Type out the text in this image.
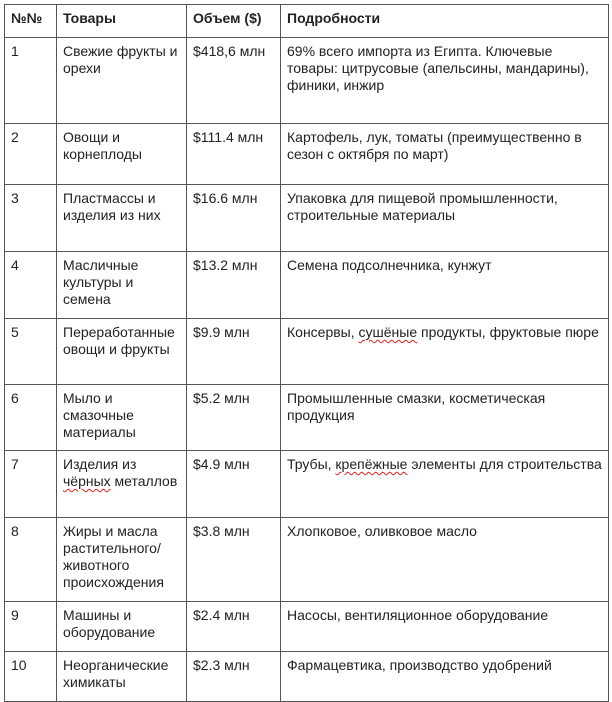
№№	Товары	Объем ($)	Подробности
1	Свежие фрукты и орехи	$418,6 млн	69% всего импорта из Египта. Ключевые товары: цитрусовые (апельсины, мандарины), финики, инжир
2	Овощи и корнеплоды	$111.4 млн	Картофель, лук, томаты (преимущественно в сезон с октября по март)
3	Пластмассы и изделия из них	$16.6 млн	Упаковка для пищевой промышленности, строительные материалы
4	Масличные культуры и семена	$13.2 млн	Семена подсолнечника, кунжут
5	Переработанные овощи и фрукты	$9.9 млн	Консервы, сушёные продукты, фруктовые пюре
6	Мыло и смазочные материалы	$5.2 млн	Промышленные смазки, косметическая продукция
7	Изделия из чёрных металлов	$4.9 млн	Трубы, крепёжные элементы для строительства
8	Жиры и масла растительного/ животного происхождения	$3.8 млн	Хлопковое, оливковое масло
9	Машины и оборудование	$2.4 млн	Насосы, вентиляционное оборудование
10	Неорганические химикаты	$2.3 млн	Фармацевтика, производство удобрений
